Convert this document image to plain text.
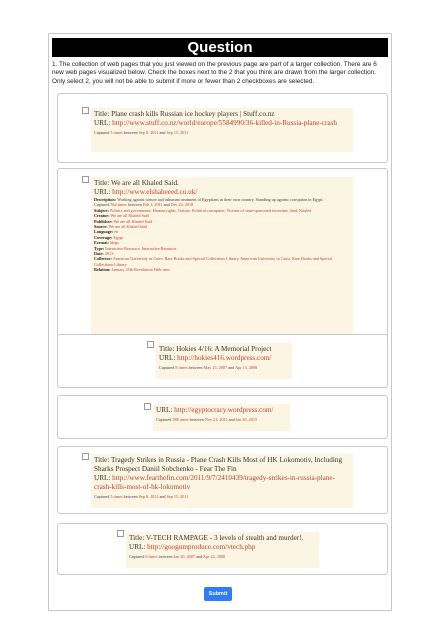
Question
1. The collection of web pages that you just viewed on the previous page are part of a larger collection. There are 6 new web pages visualized below. Check the boxes next to the 2 that you think are drawn from the larger collection. Only select 2, you will not be able to submit if more or fewer than 2 checkboxes are selected.
Title: Plane crash kills Russian ice hockey players | Stuff.co.nz
URL: http://www.stuff.co.nz/world/europe/5584990/36-killed-in-Russia-plane-crash
Captured 5 times between Sep 8, 2011 and Sep 15, 2011
Title: We are all Khaled Said.
URL: http://www.elshaheeed.co.uk/
Description: Working against torture and inhuman treatment of Egyptians in their own country. Standing up against corruption in Egypt.
Captured 564 times between Feb 1, 2011 and Dec 24, 2018
Subject: Politics and government, Human rights, Torture, Political corruption, Victims of state-sponsored terrorism, Said, Khaled
Creator: We are all Khaled Said
Publisher: We are all Khaled Said
Source: We are all Khaled Said
Language: en
Coverage: Egypt
Format: blogs
Type: Interactive Resource, Interactive Resource
Date: 2011-
Collector: American University in Cairo. Rare Books and Special Collections Library, American University in Cairo. Rare Books and Special Collections Library
Relation: January 25th Revolution Web sites
Title: Hokies 4/16: A Memorial Project
URL: http://hokies416.wordpress.com/
Captured 8 times between May 25, 2007 and Apr 13, 2008
URL: http://egyptocracy.wordpress.com/
Captured 388 times between Nov 21, 2011 and Jan 30, 2015
Title: Tragedy Strikes in Russia - Plane Crash Kills Most of HK Lokomotiv, Including Sharks Prospect Daniil Sobchenko - Fear The Fin
URL: http://www.fearthefin.com/2011/9/7/2410439/tragedy-strikes-in-russia-plane-crash-kills-most-of-hk-lokomotiv
Captured 5 times between Sep 8, 2011 and Sep 15, 2011
Title: V-TECH RAMPAGE - 3 levels of stealth and murder!.
URL: http://googumproduce.com/vtech.php
Captured 6 times between Jan 20, 2007 and Apr 22, 2008
Submit
